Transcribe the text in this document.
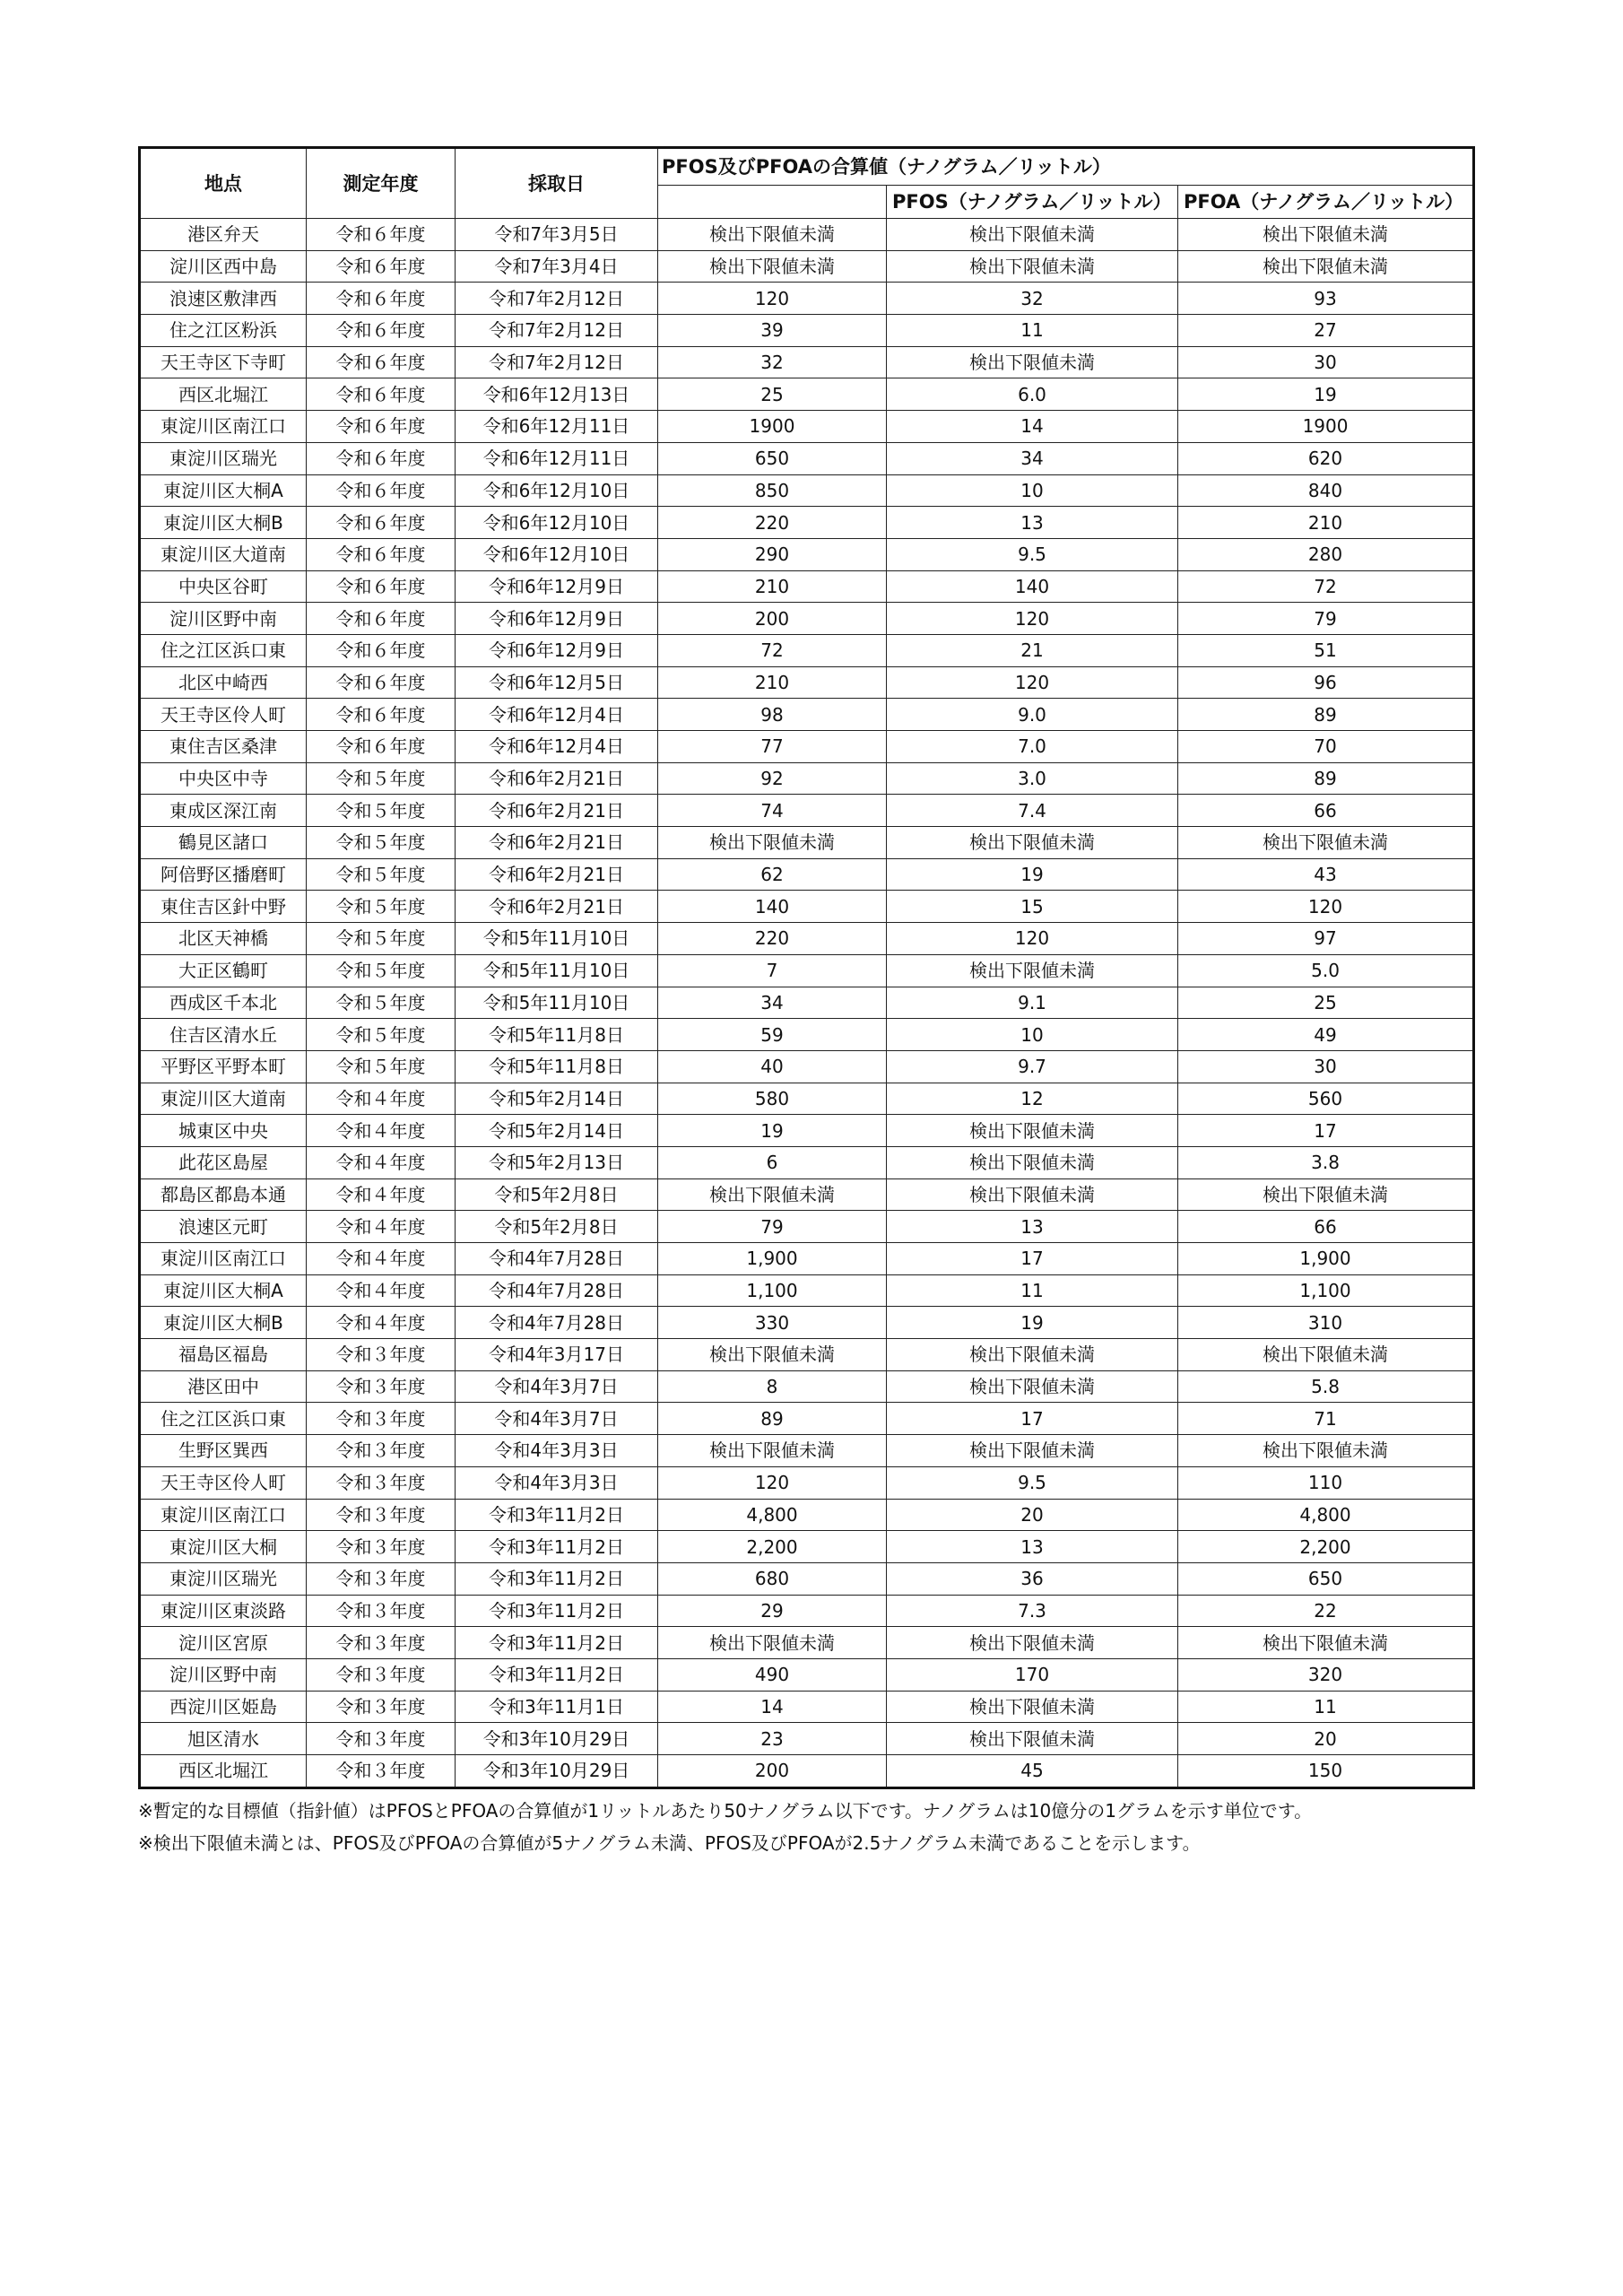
地点	測定年度	採取日	PFOS及びPFOAの合算値（ナノグラム／リットル）		
				PFOS（ナノグラム／リットル）	PFOA（ナノグラム／リットル）
港区弁天	令和６年度	令和7年3月5日	検出下限値未満	検出下限値未満	検出下限値未満
淀川区西中島	令和６年度	令和7年3月4日	検出下限値未満	検出下限値未満	検出下限値未満
浪速区敷津西	令和６年度	令和7年2月12日	120	32	93
住之江区粉浜	令和６年度	令和7年2月12日	39	11	27
天王寺区下寺町	令和６年度	令和7年2月12日	32	検出下限値未満	30
西区北堀江	令和６年度	令和6年12月13日	25	6.0	19
東淀川区南江口	令和６年度	令和6年12月11日	1900	14	1900
東淀川区瑞光	令和６年度	令和6年12月11日	650	34	620
東淀川区大桐A	令和６年度	令和6年12月10日	850	10	840
東淀川区大桐B	令和６年度	令和6年12月10日	220	13	210
東淀川区大道南	令和６年度	令和6年12月10日	290	9.5	280
中央区谷町	令和６年度	令和6年12月9日	210	140	72
淀川区野中南	令和６年度	令和6年12月9日	200	120	79
住之江区浜口東	令和６年度	令和6年12月9日	72	21	51
北区中崎西	令和６年度	令和6年12月5日	210	120	96
天王寺区伶人町	令和６年度	令和6年12月4日	98	9.0	89
東住吉区桑津	令和６年度	令和6年12月4日	77	7.0	70
中央区中寺	令和５年度	令和6年2月21日	92	3.0	89
東成区深江南	令和５年度	令和6年2月21日	74	7.4	66
鶴見区諸口	令和５年度	令和6年2月21日	検出下限値未満	検出下限値未満	検出下限値未満
阿倍野区播磨町	令和５年度	令和6年2月21日	62	19	43
東住吉区針中野	令和５年度	令和6年2月21日	140	15	120
北区天神橋	令和５年度	令和5年11月10日	220	120	97
大正区鶴町	令和５年度	令和5年11月10日	7	検出下限値未満	5.0
西成区千本北	令和５年度	令和5年11月10日	34	9.1	25
住吉区清水丘	令和５年度	令和5年11月8日	59	10	49
平野区平野本町	令和５年度	令和5年11月8日	40	9.7	30
東淀川区大道南	令和４年度	令和5年2月14日	580	12	560
城東区中央	令和４年度	令和5年2月14日	19	検出下限値未満	17
此花区島屋	令和４年度	令和5年2月13日	6	検出下限値未満	3.8
都島区都島本通	令和４年度	令和5年2月8日	検出下限値未満	検出下限値未満	検出下限値未満
浪速区元町	令和４年度	令和5年2月8日	79	13	66
東淀川区南江口	令和４年度	令和4年7月28日	1,900	17	1,900
東淀川区大桐A	令和４年度	令和4年7月28日	1,100	11	1,100
東淀川区大桐B	令和４年度	令和4年7月28日	330	19	310
福島区福島	令和３年度	令和4年3月17日	検出下限値未満	検出下限値未満	検出下限値未満
港区田中	令和３年度	令和4年3月7日	8	検出下限値未満	5.8
住之江区浜口東	令和３年度	令和4年3月7日	89	17	71
生野区巽西	令和３年度	令和4年3月3日	検出下限値未満	検出下限値未満	検出下限値未満
天王寺区伶人町	令和３年度	令和4年3月3日	120	9.5	110
東淀川区南江口	令和３年度	令和3年11月2日	4,800	20	4,800
東淀川区大桐	令和３年度	令和3年11月2日	2,200	13	2,200
東淀川区瑞光	令和３年度	令和3年11月2日	680	36	650
東淀川区東淡路	令和３年度	令和3年11月2日	29	7.3	22
淀川区宮原	令和３年度	令和3年11月2日	検出下限値未満	検出下限値未満	検出下限値未満
淀川区野中南	令和３年度	令和3年11月2日	490	170	320
西淀川区姫島	令和３年度	令和3年11月1日	14	検出下限値未満	11
旭区清水	令和３年度	令和3年10月29日	23	検出下限値未満	20
西区北堀江	令和３年度	令和3年10月29日	200	45	150
※暫定的な目標値（指針値）はPFOSとPFOAの合算値が1リットルあたり50ナノグラム以下です。ナノグラムは10億分の1グラムを示す単位です。
※検出下限値未満とは、PFOS及びPFOAの合算値が5ナノグラム未満、PFOS及びPFOAが2.5ナノグラム未満であることを示します。
